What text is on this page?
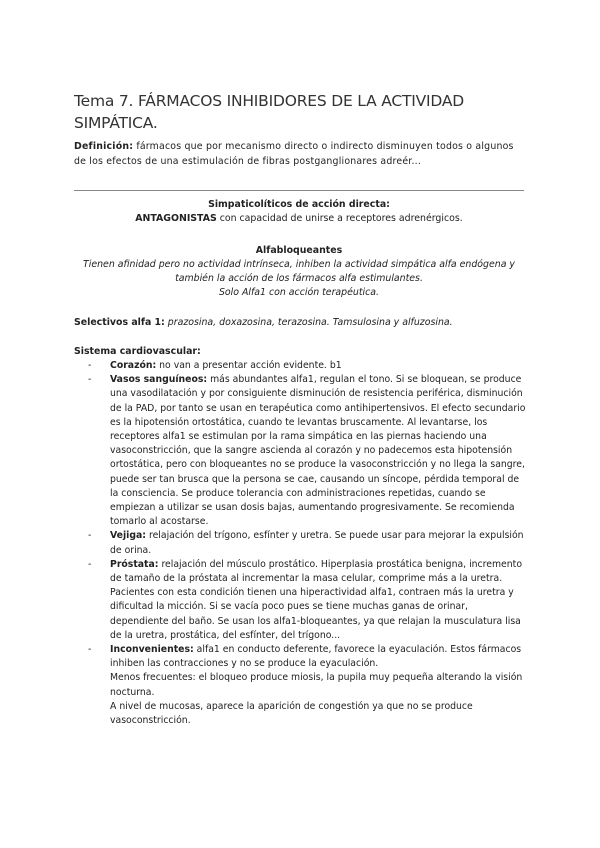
Tema 7. FÁRMACOS INHIBIDORES DE LA ACTIVIDAD SIMPÁTICA.

Definición: fármacos que por mecanismo directo o indirecto disminuyen todos o algunos de los efectos de una estimulación de fibras postganglionares adreér...

Simpaticolíticos de acción directa:
ANTAGONISTAS con capacidad de unirse a receptores adrenérgicos.
Alfabloqueantes
Tienen afinidad pero no actividad intrínseca, inhiben la actividad simpática alfa endógena y también la acción de los fármacos alfa estimulantes.
Solo Alfa1 con acción terapéutica.

Selectivos alfa 1: prazosina, doxazosina, terazosina. Tamsulosina y alfuzosina.

Sistema cardiovascular:

- Corazón: no van a presentar acción evidente. b1
- Vasos sanguíneos: más abundantes alfa1, regulan el tono. Si se bloquean, se produce una vasodilatación y por consiguiente disminución de resistencia periférica, disminución de la PAD, por tanto se usan en terapéutica como antihipertensivos. El efecto secundario es la hipotensión ortostática, cuando te levantas bruscamente. Al levantarse, los receptores alfa1 se estimulan por la rama simpática en las piernas haciendo una vasoconstricción, que la sangre ascienda al corazón y no padecemos esta hipotensión ortostática, pero con bloqueantes no se produce la vasoconstricción y no llega la sangre, puede ser tan brusca que la persona se cae, causando un síncope, pérdida temporal de la consciencia. Se produce tolerancia con administraciones repetidas, cuando se empiezan a utilizar se usan dosis bajas, aumentando progresivamente. Se recomienda tomarlo al acostarse.
- Vejiga: relajación del trígono, esfínter y uretra. Se puede usar para mejorar la expulsión de orina.
- Próstata: relajación del músculo prostático. Hiperplasia prostática benigna, incremento de tamaño de la próstata al incrementar la masa celular, comprime más a la uretra. Pacientes con esta condición tienen una hiperactividad alfa1, contraen más la uretra y dificultad la micción. Si se vacía poco pues se tiene muchas ganas de orinar, dependiente del baño. Se usan los alfa1-bloqueantes, ya que relajan la musculatura lisa de la uretra, prostática, del esfínter, del trígono...
- Inconvenientes: alfa1 en conducto deferente, favorece la eyaculación. Estos fármacos inhiben las contracciones y no se produce la eyaculación.
Menos frecuentes: el bloqueo produce miosis, la pupila muy pequeña alterando la visión nocturna.
A nivel de mucosas, aparece la aparición de congestión ya que no se produce vasoconstricción.
